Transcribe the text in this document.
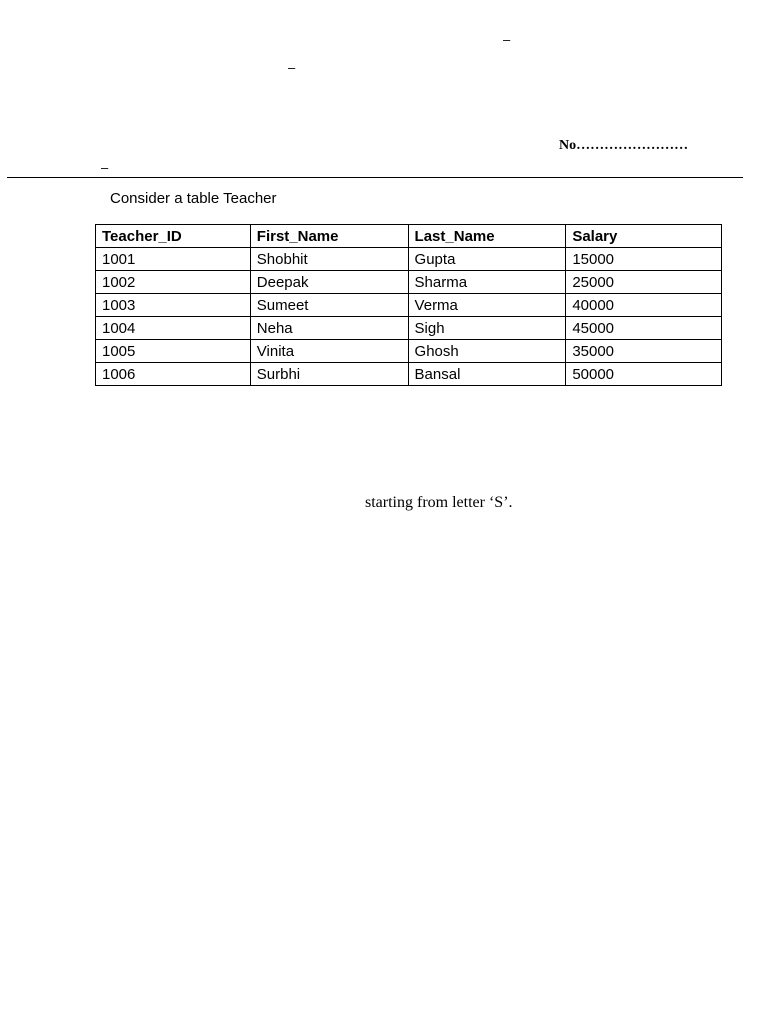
–
–
No……………………
–
Consider a table Teacher
Teacher_ID	First_Name	Last_Name	Salary
1001	Shobhit	Gupta	15000
1002	Deepak	Sharma	25000
1003	Sumeet	Verma	40000
1004	Neha	Sigh	45000
1005	Vinita	Ghosh	35000
1006	Surbhi	Bansal	50000
starting from letter ‘S’.
